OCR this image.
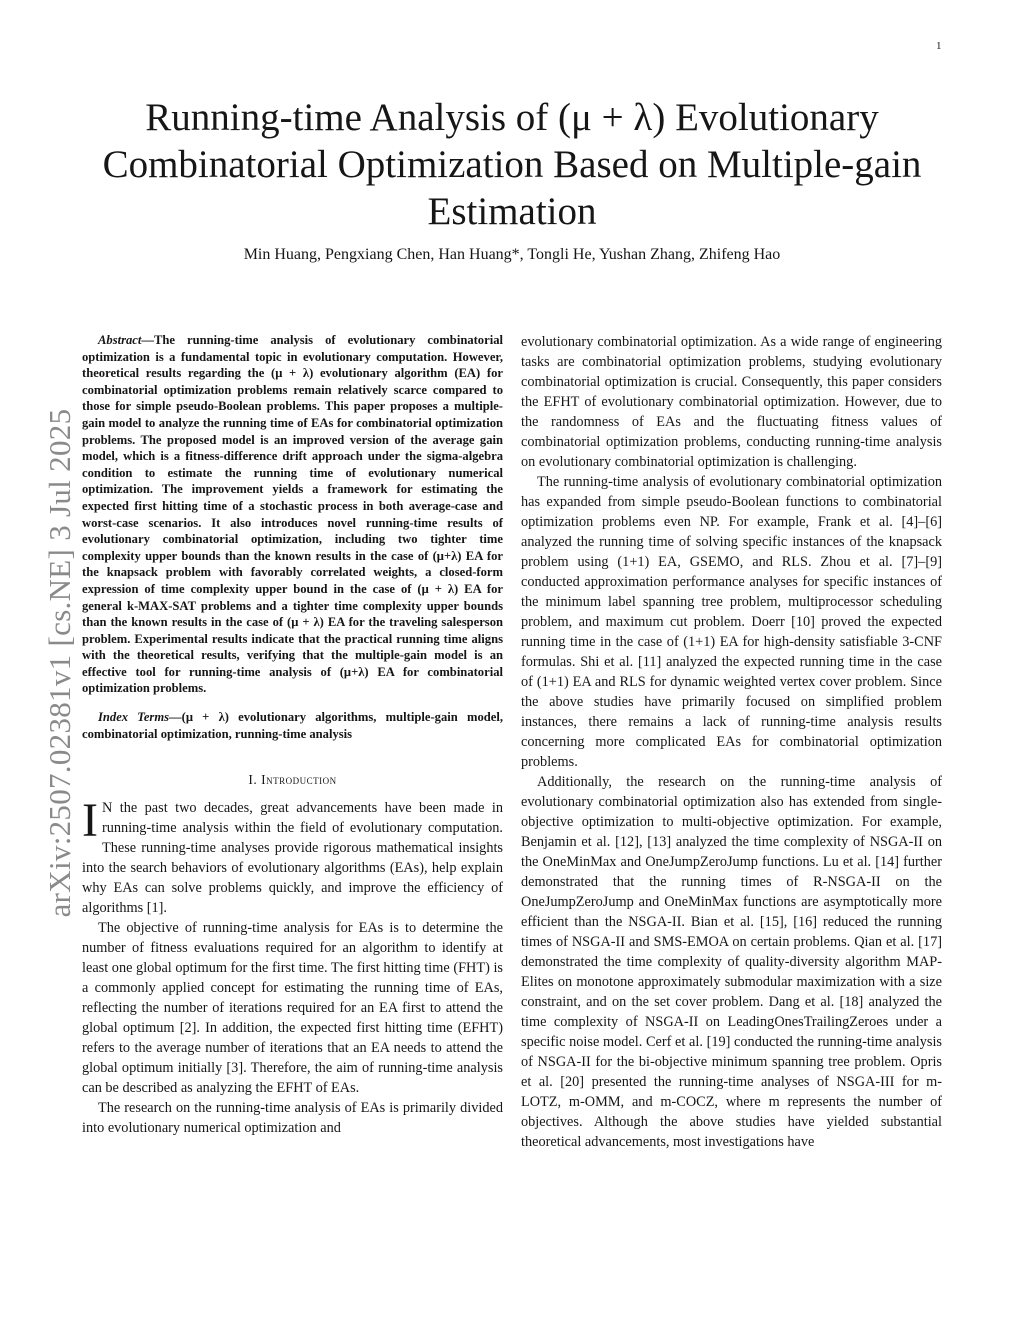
1
arXiv:2507.02381v1 [cs.NE] 3 Jul 2025
Running-time Analysis of (μ + λ) Evolutionary
Combinatorial Optimization Based on Multiple-gain
Estimation
Min Huang, Pengxiang Chen, Han Huang*, Tongli He, Yushan Zhang, Zhifeng Hao

Abstract—The running-time analysis of evolutionary combinatorial optimization is a fundamental topic in evolutionary computation. However, theoretical results regarding the (μ + λ) evolutionary algorithm (EA) for combinatorial optimization problems remain relatively scarce compared to those for simple pseudo-Boolean problems. This paper proposes a multiple-gain model to analyze the running time of EAs for combinatorial optimization problems. The proposed model is an improved version of the average gain model, which is a fitness-difference drift approach under the sigma-algebra condition to estimate the running time of evolutionary numerical optimization. The improvement yields a framework for estimating the expected first hitting time of a stochastic process in both average-case and worst-case scenarios. It also introduces novel running-time results of evolutionary combinatorial optimization, including two tighter time complexity upper bounds than the known results in the case of (μ+λ) EA for the knapsack problem with favorably correlated weights, a closed-form expression of time complexity upper bound in the case of (μ + λ) EA for general k-MAX-SAT problems and a tighter time complexity upper bounds than the known results in the case of (μ + λ) EA for the traveling salesperson problem. Experimental results indicate that the practical running time aligns with the theoretical results, verifying that the multiple-gain model is an effective tool for running-time analysis of (μ+λ) EA for combinatorial optimization problems.

Index Terms—(μ + λ) evolutionary algorithms, multiple-gain model, combinatorial optimization, running-time analysis

I. Introduction

I N the past two decades, great advancements have been made in running-time analysis within the field of evolutionary computation. These running-time analyses provide rigorous mathematical insights into the search behaviors of evolutionary algorithms (EAs), help explain why EAs can solve problems quickly, and improve the efficiency of algorithms [1].

The objective of running-time analysis for EAs is to determine the number of fitness evaluations required for an algorithm to identify at least one global optimum for the first time. The first hitting time (FHT) is a commonly applied concept for estimating the running time of EAs, reflecting the number of iterations required for an EA first to attend the global optimum [2]. In addition, the expected first hitting time (EFHT) refers to the average number of iterations that an EA needs to attend the global optimum initially [3]. Therefore, the aim of running-time analysis can be described as analyzing the EFHT of EAs.

The research on the running-time analysis of EAs is primarily divided into evolutionary numerical optimization and

evolutionary combinatorial optimization. As a wide range of engineering tasks are combinatorial optimization problems, studying evolutionary combinatorial optimization is crucial. Consequently, this paper considers the EFHT of evolutionary combinatorial optimization. However, due to the randomness of EAs and the fluctuating fitness values of combinatorial optimization problems, conducting running-time analysis on evolutionary combinatorial optimization is challenging.

The running-time analysis of evolutionary combinatorial optimization has expanded from simple pseudo-Boolean functions to combinatorial optimization problems even NP. For example, Frank et al. [4]–[6] analyzed the running time of solving specific instances of the knapsack problem using (1+1) EA, GSEMO, and RLS. Zhou et al. [7]–[9] conducted approximation performance analyses for specific instances of the minimum label spanning tree problem, multiprocessor scheduling problem, and maximum cut problem. Doerr [10] proved the expected running time in the case of (1+1) EA for high-density satisfiable 3-CNF formulas. Shi et al. [11] analyzed the expected running time in the case of (1+1) EA and RLS for dynamic weighted vertex cover problem. Since the above studies have primarily focused on simplified problem instances, there remains a lack of running-time analysis results concerning more complicated EAs for combinatorial optimization problems.

Additionally, the research on the running-time analysis of evolutionary combinatorial optimization also has extended from single-objective optimization to multi-objective optimization. For example, Benjamin et al. [12], [13] analyzed the time complexity of NSGA-II on the OneMinMax and OneJumpZeroJump functions. Lu et al. [14] further demonstrated that the running times of R-NSGA-II on the OneJumpZeroJump and OneMinMax functions are asymptotically more efficient than the NSGA-II. Bian et al. [15], [16] reduced the running times of NSGA-II and SMS-EMOA on certain problems. Qian et al. [17] demonstrated the time complexity of quality-diversity algorithm MAP-Elites on monotone approximately submodular maximization with a size constraint, and on the set cover problem. Dang et al. [18] analyzed the time complexity of NSGA-II on LeadingOnesTrailingZeroes under a specific noise model. Cerf et al. [19] conducted the running-time analysis of NSGA-II for the bi-objective minimum spanning tree problem. Opris et al. [20] presented the running-time analyses of NSGA-III for m-LOTZ, m-OMM, and m-COCZ, where m represents the number of objectives. Although the above studies have yielded substantial theoretical advancements, most investigations have
